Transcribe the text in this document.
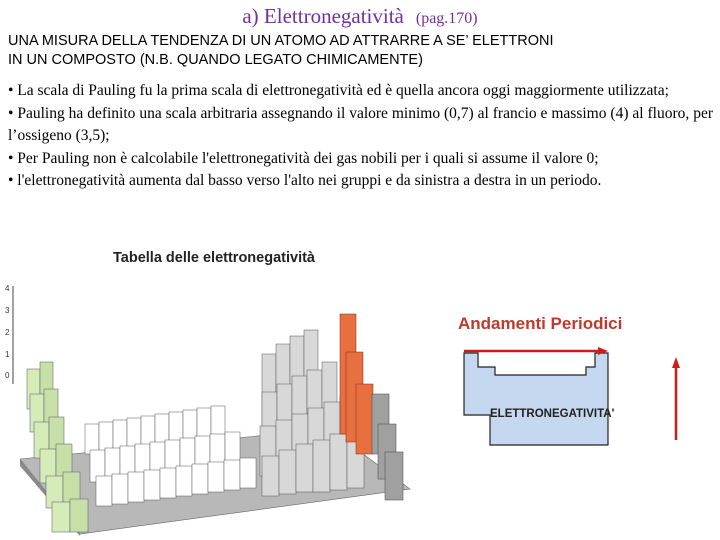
a) Elettronegatività (pag.170)
UNA MISURA DELLA TENDENZA DI UN ATOMO AD ATTRARRE A SE’ ELETTRONI
IN UN COMPOSTO (N.B. QUANDO LEGATO CHIMICAMENTE)

• La scala di Pauling fu la prima scala di elettronegatività ed è quella ancora oggi maggiormente utilizzata;

• Pauling ha definito una scala arbitraria assegnando il valore minimo (0,7) al francio e massimo (4) al fluoro, per l’ossigeno (3,5);

• Per Pauling non è calcolabile l'elettronegatività dei gas nobili per i quali si assume il valore 0;

• l'elettronegatività aumenta dal basso verso l'alto nei gruppi e da sinistra a destra in un periodo.

Tabella delle elettronegatività
4
3
2
1
0
Andamenti Periodici
ELETTRONEGATIVITA'
